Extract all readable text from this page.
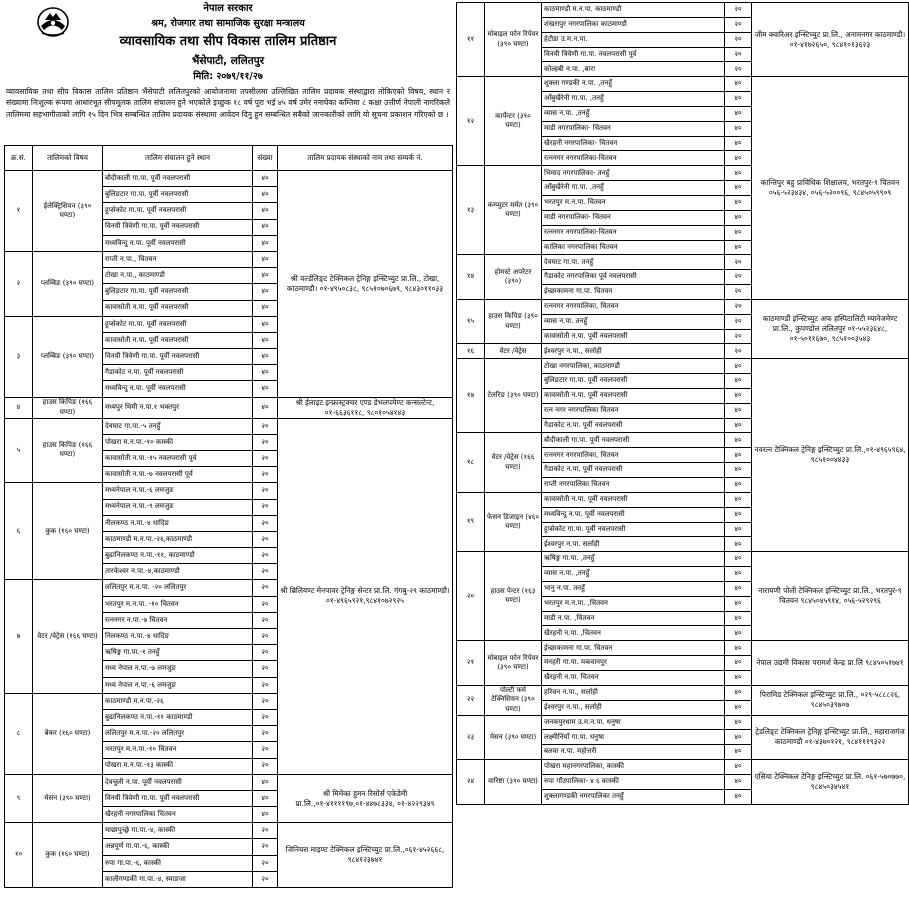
नेपाल सरकार
श्रम, रोजगार तथा सामाजिक सुरक्षा मन्त्रालय
व्यावसायिक तथा सीप विकास तालिम प्रतिष्ठान
भैंसेपाटी, ललितपुर
मिति: २०७९/११/२७
व्यावसायिक तथा सीप विकास तालिम प्रतिष्ठान भैंसेपाटी ललितपुरको आयोजनामा तपसीलमा उल्लिखित तालिम प्रदायक संस्थाद्वारा तोकिएको विषय, स्थान र संख्यामा निःशुल्क रूपमा आधारभूत सीपमूलक तालिम संचालन हुने भएकोले इच्छुक १८ वर्ष पूरा भई ४५ वर्ष उमेर ननाघेका कम्तिमा ८ कक्षा उत्तीर्ण नेपाली नागरिकले तालिममा सहभागीताको लागि १५ दिन भित्र सम्बन्धित तालिम प्रदायक संस्थामा आवेदन दिनु हुन सम्बन्धित सबैको जानकारीको लागि यो सूचना प्रकाशन गरिएको छ ।
क्र.सं.	तालिमको विषय	तालिम संचालन हुने स्थान	संख्या	तालिम प्रदायक संस्थाको नाम तथा सम्पर्क नं.
१	ईलेक्ट्रिसियन (३९० घण्टा)	बौदीकाली गा.पा. पूर्वी नवलपरासी	४०	श्री वर्ल्डलिङ्ट टेक्निकल ट्रेनिङ्ग इन्स्टिच्युट प्रा.लि., टोखा, काठमाण्डौ। ०१-४९५०८३८, ९८५१०७०६७९, ९८४३०११०३३
		बुलिङटार गा.पा. पूर्वी नवलपरासी	४०	
		हुप्सेकोट गा.पा. पूर्वी नवलपरासी	४०	
		विनयी त्रिवेणी गा.पा. पूर्वी नवलपरासी	४०	
		मध्यविन्दु न.पा. पूर्वी नवलपरासी	४०	
२	प्लम्बिङ (३९० घण्टा)	राप्ती न.पा., चितवन	४०	
		टोखा न.पा., काठमाण्डौ	४०	
		बुलिङटार गा.पा. पूर्वी नवलपरासी	४०	
		कावासोती न.पा. पूर्वी नवलपरासी	४०	
३	प्लम्बिङ (३९० घण्टा)	हुप्सेकोट गा.पा. पूर्वी नवलपरासी	४०	
		कावासोती न.पा. पूर्वी नवलपरासी	४०	
		विनयी त्रिवेणी गा.पा. पूर्वी नवलपरासी	४०	
		गैडाकोट न.पा. पूर्वी नवलपरासी	४०	
		मध्यविन्दु न.पा. पूर्वी नवलपरासी	४०	
४	हाउस किपिङ (१६६ घण्टा)	मध्यपुर थिमी न.पा.१ भक्तपुर	४०	श्री ईलाइट इन्फ्रास्ट्रक्चर एण्ड डेभलपमेण्ट कन्सल्टेन्ट, ०१-६६३६११८, ९८०१०५४१४३
५	हाउस किपिङ (१६६ घण्टा)	देवघाट गा.पा.-५ तनहुँ	२०	श्री ब्रिलियण्ट मेनपावर ट्रेनिङ्ग सेन्टर प्रा.लि. गंगबु-२९ काठमाण्डौ। ०१-४९६५९२१,९८४१०७२९२५
		पोखरा म.न.पा.-१० कास्की	२०	
		कावासोती न.पा.-१५ नवलपरासी पूर्व	२०	
		कावासोती न.पा.-७ नवलपरासी पूर्व	२०	
६	कुक (१६० घण्टा)	मध्यनेपाल न.पा.-६ लमजुङ	२०	
		मध्यनेपाल न.पा.-९ लमजुङ	२०	
		नीलकण्ठ न.पा.-४ धादिङ	२०	
		काठमाण्डौ म.न.पा.-२६,काठमाण्डौ	२०	
		बुढानिलकण्ठ न.पा.-११, काठमाण्डौ	२०	
		तारकेश्वर न.पा.-४,काठमाण्डौ	२०	
७	वेटर /वेट्रेस (१६६ घण्टा)	ललितपुर म.न.पा. -२० ललितपुर	२०	
		भरतपुर म.न.पा. -१० चितवन	२०	
		रत्ननगर न.पा.-७ चितवन	२०	
		निलकण्ठ न.पा.-४ धादिङ	२०	
		ऋषिङ्ग गा.पा.-१ तनहुँ	२०	
		मध्य नेपाल न.पा.-७ लमजुङ	२०	
		मध्य नेपाल न.पा.-६ लमजुङ	२०	
८	बेकर (१६० घण्टा)	काठमाण्डौ म.न.पा.-२६	२०	
		बुढानिलकण्ठ न.पा.-११ काठमाण्डौ	२०	
		ललितपुर म.न.पा.-२० ललितपुर	२०	
		भरतपुर म.न.पा.-१० चितवन	२०	
		पोखरा म.न.पा.-१३ कास्की	२०	
९	मेसन (३९० घण्टा)	देवचुली न.पा. पूर्वी नवलपरासी	४०	श्री मिमेका हुमन रिसोर्स एकेडेमी प्रा.लि.,०१-४११११९७,०१-४४७८३३४, ०१-४२२९३४९
		विनयी त्रिवेणी गा.पा. पूर्वी नवलपरासी	४०	
		खैरहनी नगरपालिका चितवन	४०	
१०	कुक (१६० घण्टा)	माछापुच्छ्रे गा.पा.-४, कास्की	२०	जिनियस माइण्ट टेक्निकल इन्स्टिच्युट प्रा.लि.,०६१-४५२६६८, ९८४१२३७४१
		अन्नपूर्ण गा.पा.-६, कास्की	२०	
		रुपा गा.पा.-६, कास्की	२०	
		कालीगण्डकी गा.पा.-४, स्याङजा	२०	
११	मोबाइल फोन रिपेयर (३९० घण्टा)	काठमाण्डौ म.न.पा. काठमाण्डौ	२०	जीम क्वारिअर इन्स्टिच्युट प्रा.लि., अनामनगर काठमाण्डौ। ०१-४१७२६५०, ९८४१०१३६२३
		शंखरापुर नगरपालिका काठमाण्डौ	२०	
		हेटौडा उ.म.न.पा.	२०	
		विनयी त्रिवेणी गा.पा. नवलपरासी पूर्व	२०	
		कोल्हबी न.पा. ,बारा	२०	
१२	कार्पेन्टर (३९० घण्टा)	शुक्ला गण्डकी न.पा. ,तनहुँ	४०	कान्तिपुर बहु प्राविधिक शिक्षालय, भरतपुर-९ चितवन ०५६-५२३४३४, ०५६-५२००९६, ९८४५०५९९०९
		आँबुखैरेनी गा.पा. ,तनहुँ	४०	
		व्यास न.पा. ,तनहुँ	४०	
		माडी नगरपालिका- चितवन	४०	
		खैरहनी नगरपालिका- चितवन	४०	
		रत्ननगर नगरपालिका-चितवन	४०	
१३	कम्प्युटर मर्मत (३९० घण्टा)	भिमाद नगरपालिका- तनहुँ	४०	
		आँबुखैरेनी गा.पा. ,तनहुँ	४०	
		भरतपुर म.न.पा. चितवन	४०	
		माडी नगरपालिका- चितवन	४०	
		रत्ननगर नगरपालिका-चितवन	४०	
		कालिका नगरपालिका चितवन	४०	
१४	होमस्टे अपरेटर (३९०)	देवघाट गा.पा. तनहुँ	२०	
		गैडाकोट नगरपालिका पूर्व नवलपरासी	२०	
		ईच्छाकामना गा.पा. चितवन	२०	
१५	हाउस किपिङ (३९० घण्टा)	रत्ननगर नगरपालिका, चितवन	२०	काठमाण्डौं इन्स्टिच्युट अफ हस्पिटालिटी म्यानेजमेण्ट प्रा.लि., कुपण्डोल ललितपुर ०१-५५२३६४८, ०१-५०११६७०, ९८५१००३५४३
		व्यास न.पा. तनहुँ	२०	
		कावासोती न.पा. पूर्वी नवलपरासी	२०	
१६	वेटर /वेट्रेस	ईश्वरपुर न.पा., सर्लाही	२०	
१७	टेलरिङ (३९० घण्टा)	टोखा नगरपालिका, काठमाण्डौ	४०	नवरत्न टेक्निकल ट्रेनिङ्ग इन्स्टिच्युट प्रा.लि.,०१-४९६५९६४, ९८५१००४४३३
		बुलिङटार गा.पा. पूर्वी नवलपरासी	४०	
		कावासोती न.पा. पूर्वी नवलपरासी	४०	
		रत्न नगर नगरपालिका चितवन	४०	
		गैडाकोट न.पा. पूर्वी नवलपरासी	४०	
१८	वेटर /वेट्रेस (१६६ घण्टा)	बौदीकाली गा.पा. पूर्वी नवलपरासी	४०	
		रत्ननगर नगरपालिका, चितवन	४०	
		गैडाकोट न.पा. पूर्वी नवलपरासी	४०	
		राप्ती नगरपालिका चितवन	४०	
१९	फेसन डिजाइन (४६० घण्टा)	कावासोती न.पा. पूर्वी नवलपरासी	४०	
		मध्यविन्दु न.पा. पूर्वी नवलपरासी	४०	
		हुप्सेकोट गा.पा. पूर्वी नवलपरासी	४०	
		ईश्वरपुर न.पा. सर्लाही	४०	
२०	हाउस पेन्टर (१६३ घण्टा)	ऋषिङ्ग गा.पा. ,तनहुँ	४०	नारायणी पोली टेक्निकल इन्स्टिच्युट प्रा.लि., भरतपुर-९ चितवन ९८४५०४५९१४, ०५६-५२९२९६
		व्यास न.पा. ,तनहुँ	४०	
		भानु न.पा. तनहुँ	४०	
		भरतपुर म.न.पा. ,चितवन	४०	
		माडी न.पा. ,चितवन	४०	
		खैरहनी न.पा. ,चितवन	४०	
२१	मोबाइल फोन रिपेयर (३९० घण्टा)	ईच्छाकामना गा.पा. चितवन	४०	नेपाल उद्यमी विकास परामर्श केन्द्र प्रा.लि ९८४५०५१७४१
		मनहरी गा.पा. मकवानपुर	४०	
		खैरहनी न.पा. चितवन	४०	
२२	पोल्टी फर्म टेक्निसियन (३९० घण्टा)	हरिवन न.पा., सर्लाही	४०	पिरामिड टेक्निकल इन्स्टिच्युट प्रा.लि., ०२९-५८८८२६, ९८४५०३९७०७
		ईश्वरपुर न.पा., सर्लाही	४०	
२३	मेसन (३९० घण्टा)	जनकपुरधाम उ.म.न.पा. धनुषा	४०	ट्रेडलिङ्ट टेक्निकल ट्रेनिङ्ग इन्स्टिच्युट प्रा.लि., महाराजगंज काठमाण्डौ ०१-४३७०१२१, ९८४१११९३२२
		लक्ष्मीनियाँ गा.पा. धनुषा	४०	
		बलवा न.पा. महोत्तरी	४०	
२४	वारिष्टा (३९० घण्टा)	पोखरा महानगरपालिका, कास्की	४०	एसिया टेक्निकल टेनिङ्ग इन्स्टिच्युट प्रा.लि. ०६१-५७०७७०, ९८४५०३४५४१
		रुपा गाँउपालिका- ४ ६ कास्की	४०	
		शुक्लागण्डकी नगरपालिका तनहुँ	४०	
